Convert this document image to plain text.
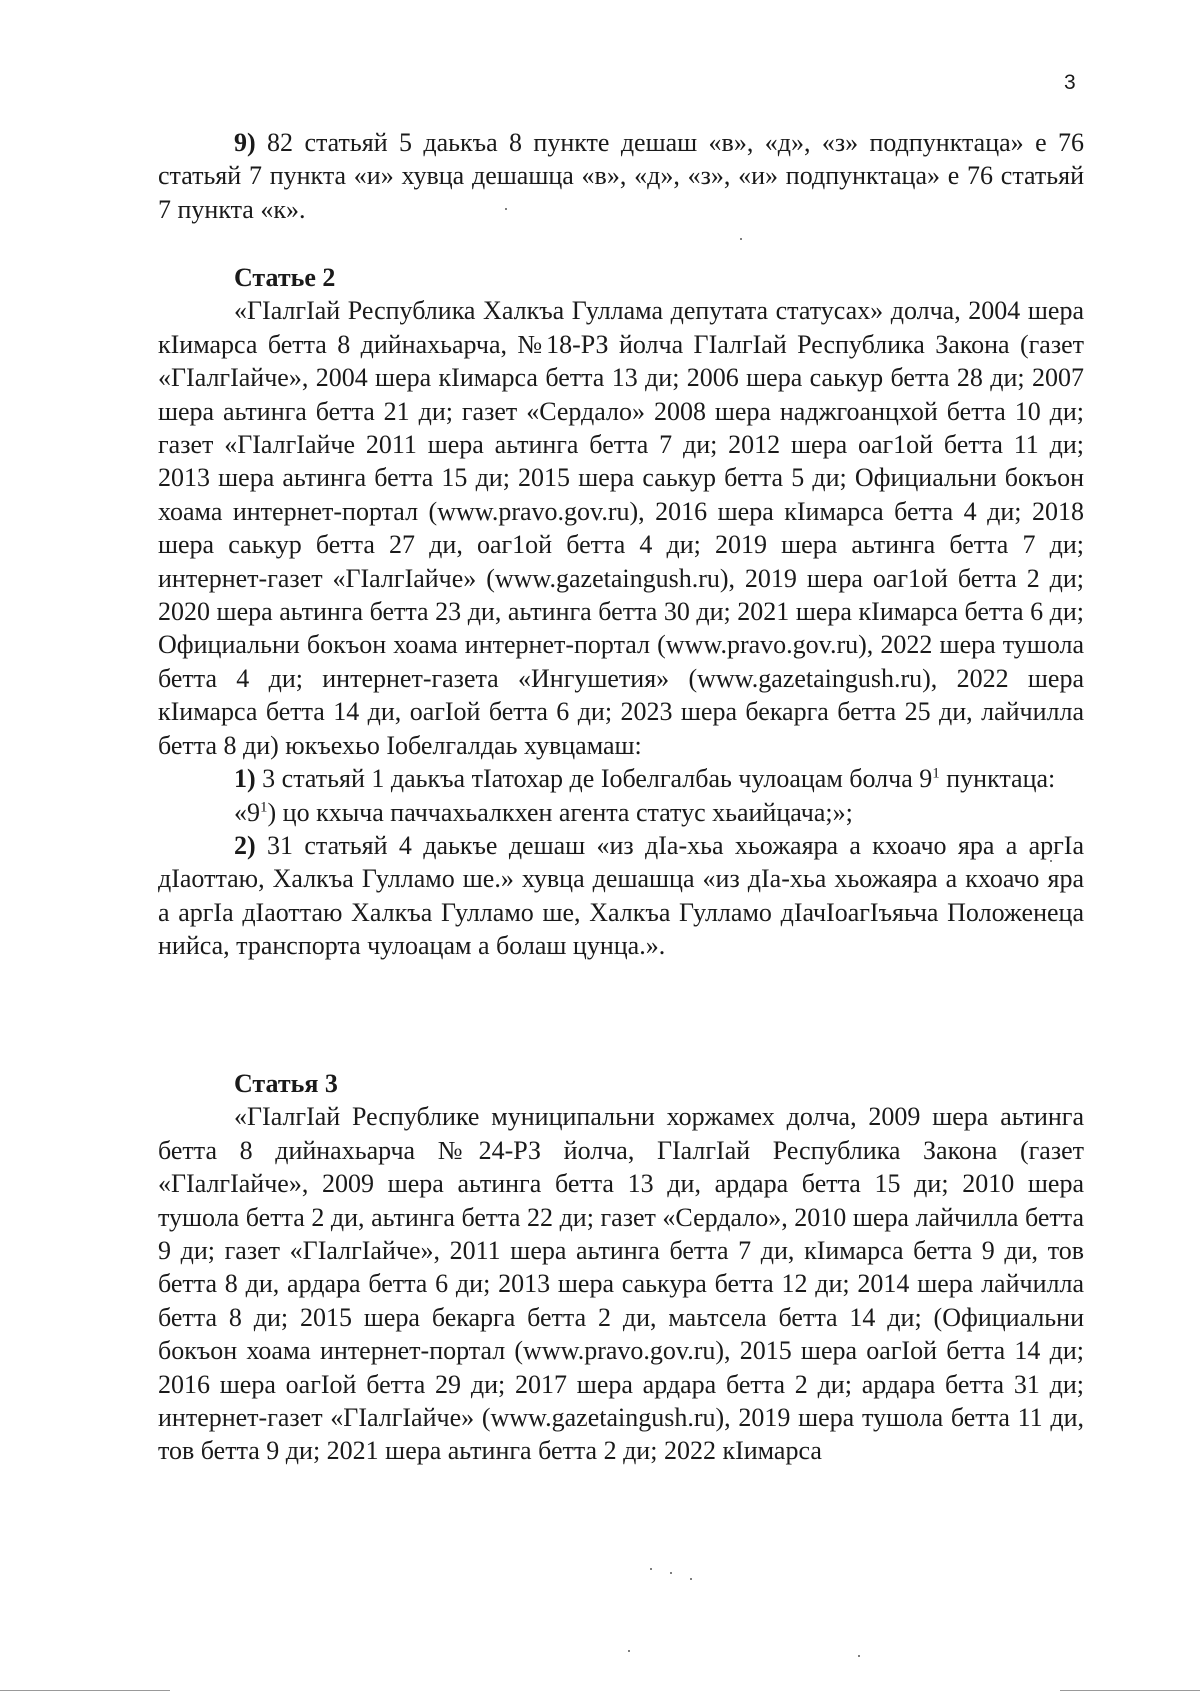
3

9) 82 статьяй 5 даькъа 8 пункте дешаш «в», «д», «з» подпунктаца» е 76 статьяй 7 пункта «и» хувца дешашца «в», «д», «з», «и» подпунктаца» е 76 статьяй 7 пункта «к».

Статье 2

«ГIалгIай Республика Халкъа Гуллама депутата статусах» долча, 2004 шера кIимарса бетта 8 дийнахьарча, №18-РЗ йолча ГIалгIай Республика Закона (газет «ГIалгIайче», 2004 шера кIимарса бетта 13 ди; 2006 шера саькур бетта 28 ди; 2007 шера аьтинга бетта 21 ди; газет «Сердало» 2008 шера наджгоанцхой бетта 10 ди; газет «ГIалгIайче 2011 шера аьтинга бетта 7 ди; 2012 шера оаг1ой бетта 11 ди; 2013 шера аьтинга бетта 15 ди; 2015 шера саькур бетта 5 ди; Официальни бокъон хоама интернет-портал (www.pravo.gov.ru), 2016 шера кIимарса бетта 4 ди; 2018 шера саькур бетта 27 ди, оаг1ой бетта 4 ди; 2019 шера аьтинга бетта 7 ди; интернет-газет «ГIалгIайче» (www.gazetaingush.ru), 2019 шера оаг1ой бетта 2 ди; 2020 шера аьтинга бетта 23 ди, аьтинга бетта 30 ди; 2021 шера кIимарса бетта 6 ди; Официальни бокъон хоама интернет-портал (www.pravo.gov.ru), 2022 шера тушола бетта 4 ди; интернет-газета «Ингушетия» (www.gazetaingush.ru), 2022 шера кIимарса бетта 14 ди, оагIой бетта 6 ди; 2023 шера бекарга бетта 25 ди, лайчилла бетта 8 ди) юкъехьо Iобелгалдаь хувцамаш:

1) 3 статьяй 1 даькъа тIатохар де Iобелгалбаь чулоацам болча $9^1$ пунктаца:

«$9^1$) цо кхыча паччахьалкхен агента статус хьаийцача;»;

2) 31 статьяй 4 даькъе дешаш «из дIа-хьа хьожаяра а кхоачо яра а аргIа дIаоттаю, Халкъа Гулламо ше.» хувца дешашца «из дIа-хьа хьожаяра а кхоачо яра а аргIа дIаоттаю Халкъа Гулламо ше, Халкъа Гулламо дIачIоагIъяьча Положенеца нийса, транспорта чулоацам а болаш цунца.».

Статья 3

«ГIалгIай Республике муниципальни хоржамех долча, 2009 шера аьтинга бетта 8 дийнахьарча №24-РЗ йолча, ГIалгIай Республика Закона (газет «ГIалгIайче», 2009 шера аьтинга бетта 13 ди, ардара бетта 15 ди; 2010 шера тушола бетта 2 ди, аьтинга бетта 22 ди; газет «Сердало», 2010 шера лайчилла бетта 9 ди; газет «ГIалгIайче», 2011 шера аьтинга бетта 7 ди, кIимарса бетта 9 ди, тов бетта 8 ди, ардара бетта 6 ди; 2013 шера саькура бетта 12 ди; 2014 шера лайчилла бетта 8 ди; 2015 шера бекарга бетта 2 ди, маьтсела бетта 14 ди; (Официальни бокъон хоама интернет-портал (www.pravo.gov.ru), 2015 шера оагIой бетта 14 ди; 2016 шера оагIой бетта 29 ди; 2017 шера ардара бетта 2 ди; ардара бетта 31 ди; интернет-газет «ГIалгIайче» (www.gazetaingush.ru), 2019 шера тушола бетта 11 ди, тов бетта 9 ди; 2021 шера аьтинга бетта 2 ди; 2022 кIимарса
